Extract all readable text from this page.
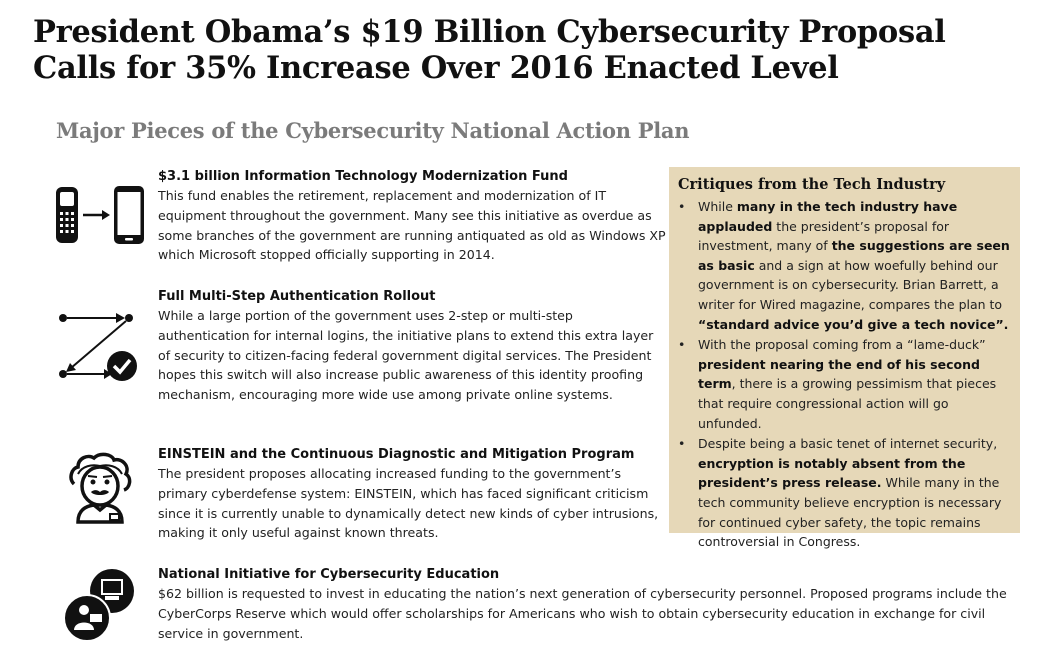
President Obama’s $19 Billion Cybersecurity Proposal
Calls for 35% Increase Over 2016 Enacted Level
Major Pieces of the Cybersecurity National Action Plan
$3.1 billion Information Technology Modernization Fund
This fund enables the retirement, replacement and modernization of IT equipment throughout the government. Many see this initiative as overdue as some branches of the government are running antiquated as old as Windows XP which Microsoft stopped officially supporting in 2014.
Full Multi-Step Authentication Rollout
While a large portion of the government uses 2-step or multi-step authentication for internal logins, the initiative plans to extend this extra layer of security to citizen-facing federal government digital services. The President hopes this switch will also increase public awareness of this identity proofing mechanism, encouraging more wide use among private online systems.
EINSTEIN and the Continuous Diagnostic and Mitigation Program
The president proposes allocating increased funding to the government’s primary cyberdefense system: EINSTEIN, which has faced significant criticism since it is currently unable to dynamically detect new kinds of cyber intrusions, making it only useful against known threats.
National Initiative for Cybersecurity Education
$62 billion is requested to invest in educating the nation’s next generation of cybersecurity personnel. Proposed programs include the CyberCorps Reserve which would offer scholarships for Americans who wish to obtain cybersecurity education in exchange for civil service in government.
Critiques from the Tech Industry
• While many in the tech industry have applauded the president’s proposal for investment, many of the suggestions are seen as basic and a sign at how woefully behind our government is on cybersecurity. Brian Barrett, a writer for Wired magazine, compares the plan to “standard advice you’d give a tech novice”.
• With the proposal coming from a “lame-duck” president nearing the end of his second term, there is a growing pessimism that pieces that require congressional action will go unfunded.
• Despite being a basic tenet of internet security, encryption is notably absent from the president’s press release. While many in the tech community believe encryption is necessary for continued cyber safety, the topic remains controversial in Congress.
